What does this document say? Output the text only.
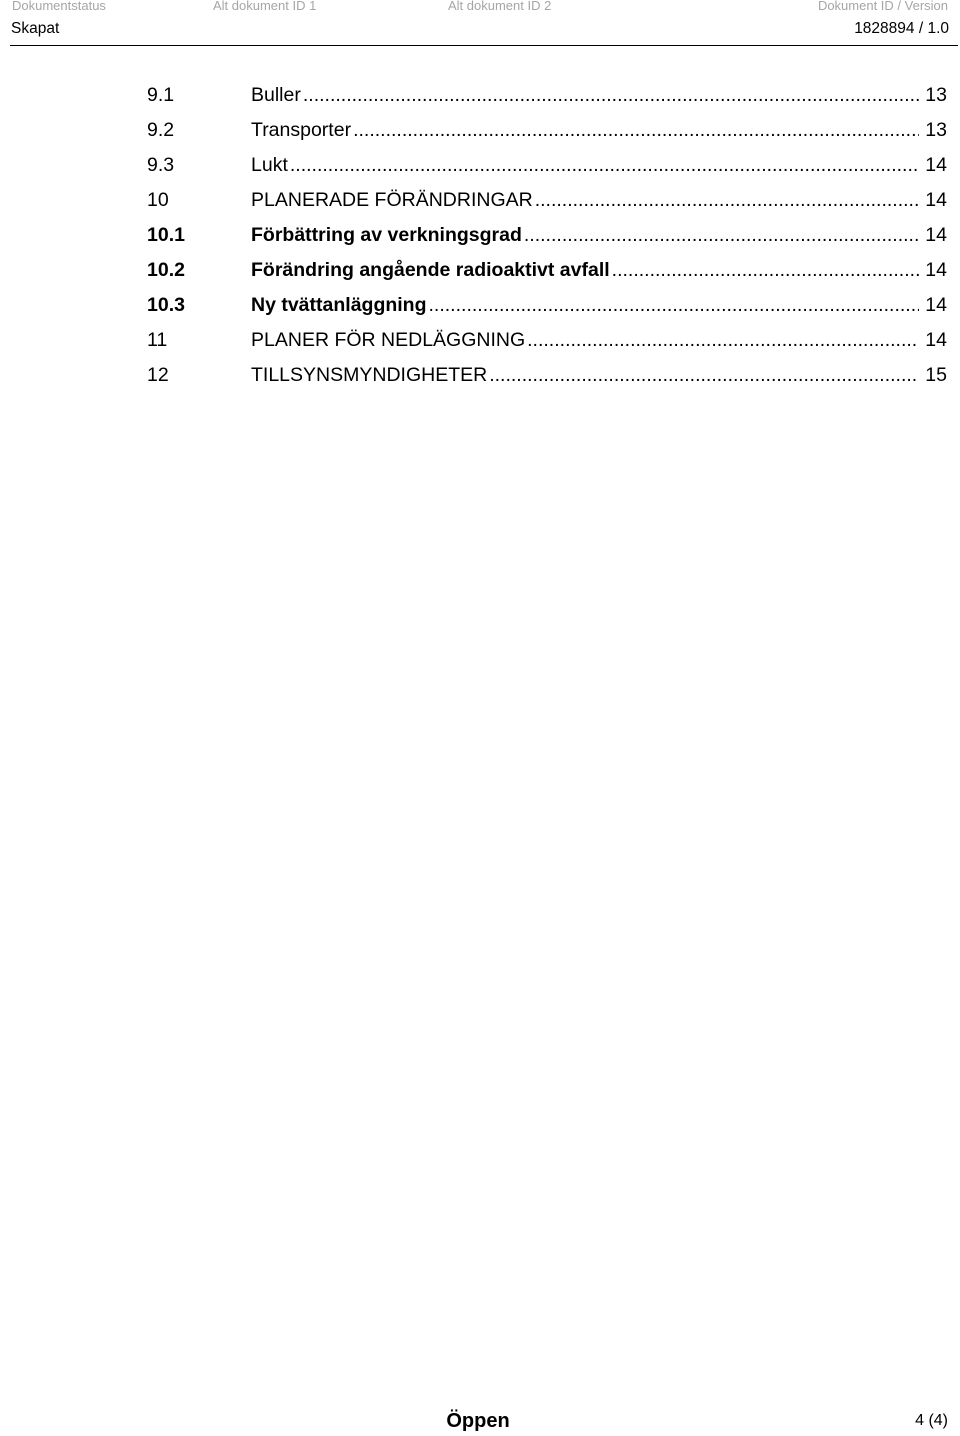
Dokumentstatus	Alt dokument ID 1	Alt dokument ID 2	Dokument ID / Version
Skapat	1828894 / 1.0
9.1	Buller .....	13
9.2	Transporter .....	13
9.3	Lukt .....	14
10	PLANERADE FÖRÄNDRINGAR .....	14
10.1	Förbättring av verkningsgrad .....	14
10.2	Förändring angående radioaktivt avfall .....	14
10.3	Ny tvättanläggning .....	14
11	PLANER FÖR NEDLÄGGNING .....	14
12	TILLSYNSMYNDIGHETER .....	15
Öppen	4 (4)
